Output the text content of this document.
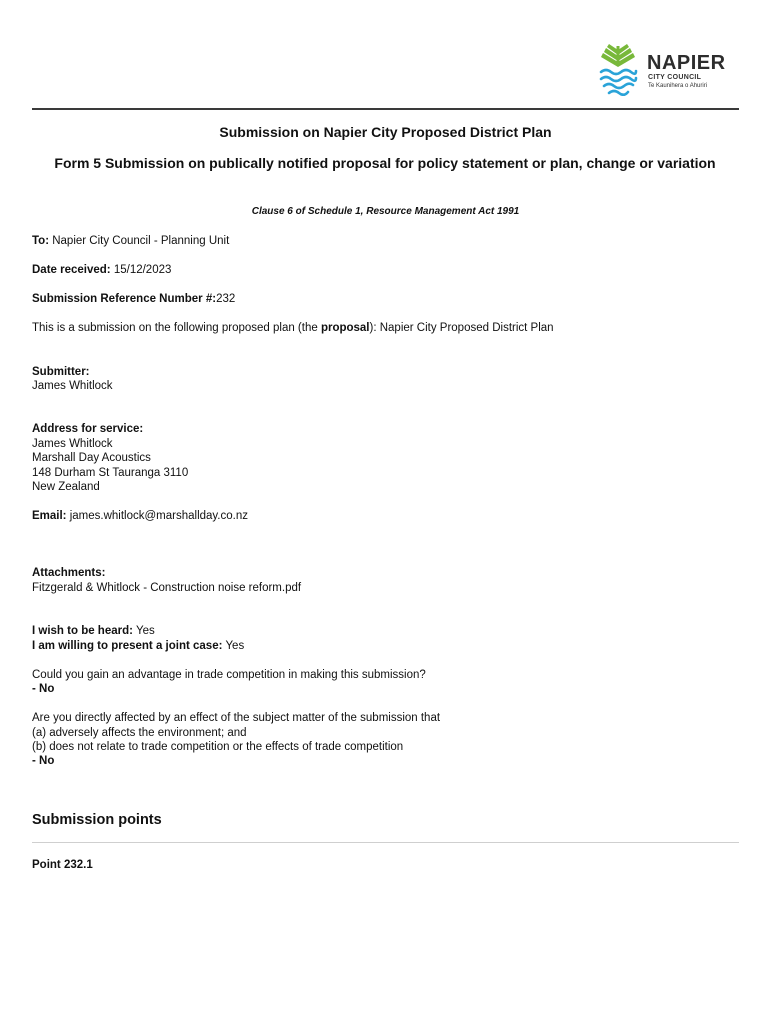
NAPIER
CITY COUNCIL
Te Kaunihera o Ahuriri
Submission on Napier City Proposed District Plan
Form 5 Submission on publically notified proposal for policy statement or plan, change or variation
Clause 6 of Schedule 1, Resource Management Act 1991
To: Napier City Council - Planning Unit
Date received: 15/12/2023
Submission Reference Number #:232
This is a submission on the following proposed plan (the proposal): Napier City Proposed District Plan
Submitter:
James Whitlock
Address for service:
James Whitlock
Marshall Day Acoustics
148 Durham St Tauranga 3110
New Zealand
Email: james.whitlock@marshallday.co.nz
Attachments:
Fitzgerald & Whitlock - Construction noise reform.pdf
I wish to be heard: Yes
I am willing to present a joint case: Yes
Could you gain an advantage in trade competition in making this submission?
- No
Are you directly affected by an effect of the subject matter of the submission that
(a) adversely affects the environment; and
(b) does not relate to trade competition or the effects of trade competition
- No
Submission points
Point 232.1
